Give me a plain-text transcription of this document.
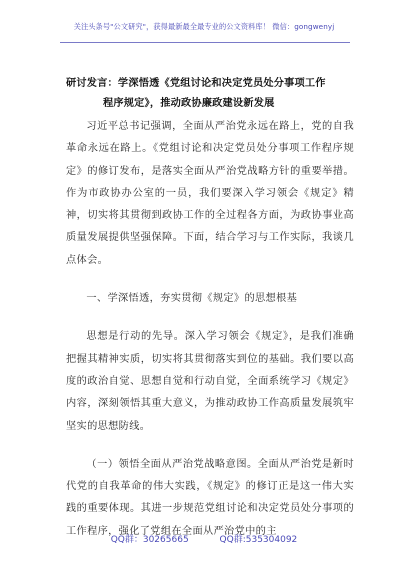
关注头条号"公文研究"，获得最新最全最专业的公文资料库！ 微信：gongwenyj
研讨发言：学深悟透《党组讨论和决定党员处分事项工作
程序规定》，推动政协廉政建设新发展

习近平总书记强调，全面从严治党永远在路上，党的自我革命永远在路上。《党组讨论和决定党员处分事项工作程序规定》的修订发布，是落实全面从严治党战略方针的重要举措。作为市政协办公室的一员，我们要深入学习领会《规定》精神，切实将其贯彻到政协工作的全过程各方面，为政协事业高质量发展提供坚强保障。下面，结合学习与工作实际，我谈几点体会。

一、学深悟透，夯实贯彻《规定》的思想根基

思想是行动的先导。深入学习领会《规定》，是我们准确把握其精神实质，切实将其贯彻落实到位的基础。我们要以高度的政治自觉、思想自觉和行动自觉，全面系统学习《规定》内容，深刻领悟其重大意义，为推动政协工作高质量发展筑牢坚实的思想防线。

（一）领悟全面从严治党战略意图。全面从严治党是新时代党的自我革命的伟大实践，《规定》的修订正是这一伟大实践的重要体现。其进一步规范党组讨论和决定党员处分事项的工作程序，强化了党组在全面从严治党中的主

QQ群：30265665	QQ群:535304092
